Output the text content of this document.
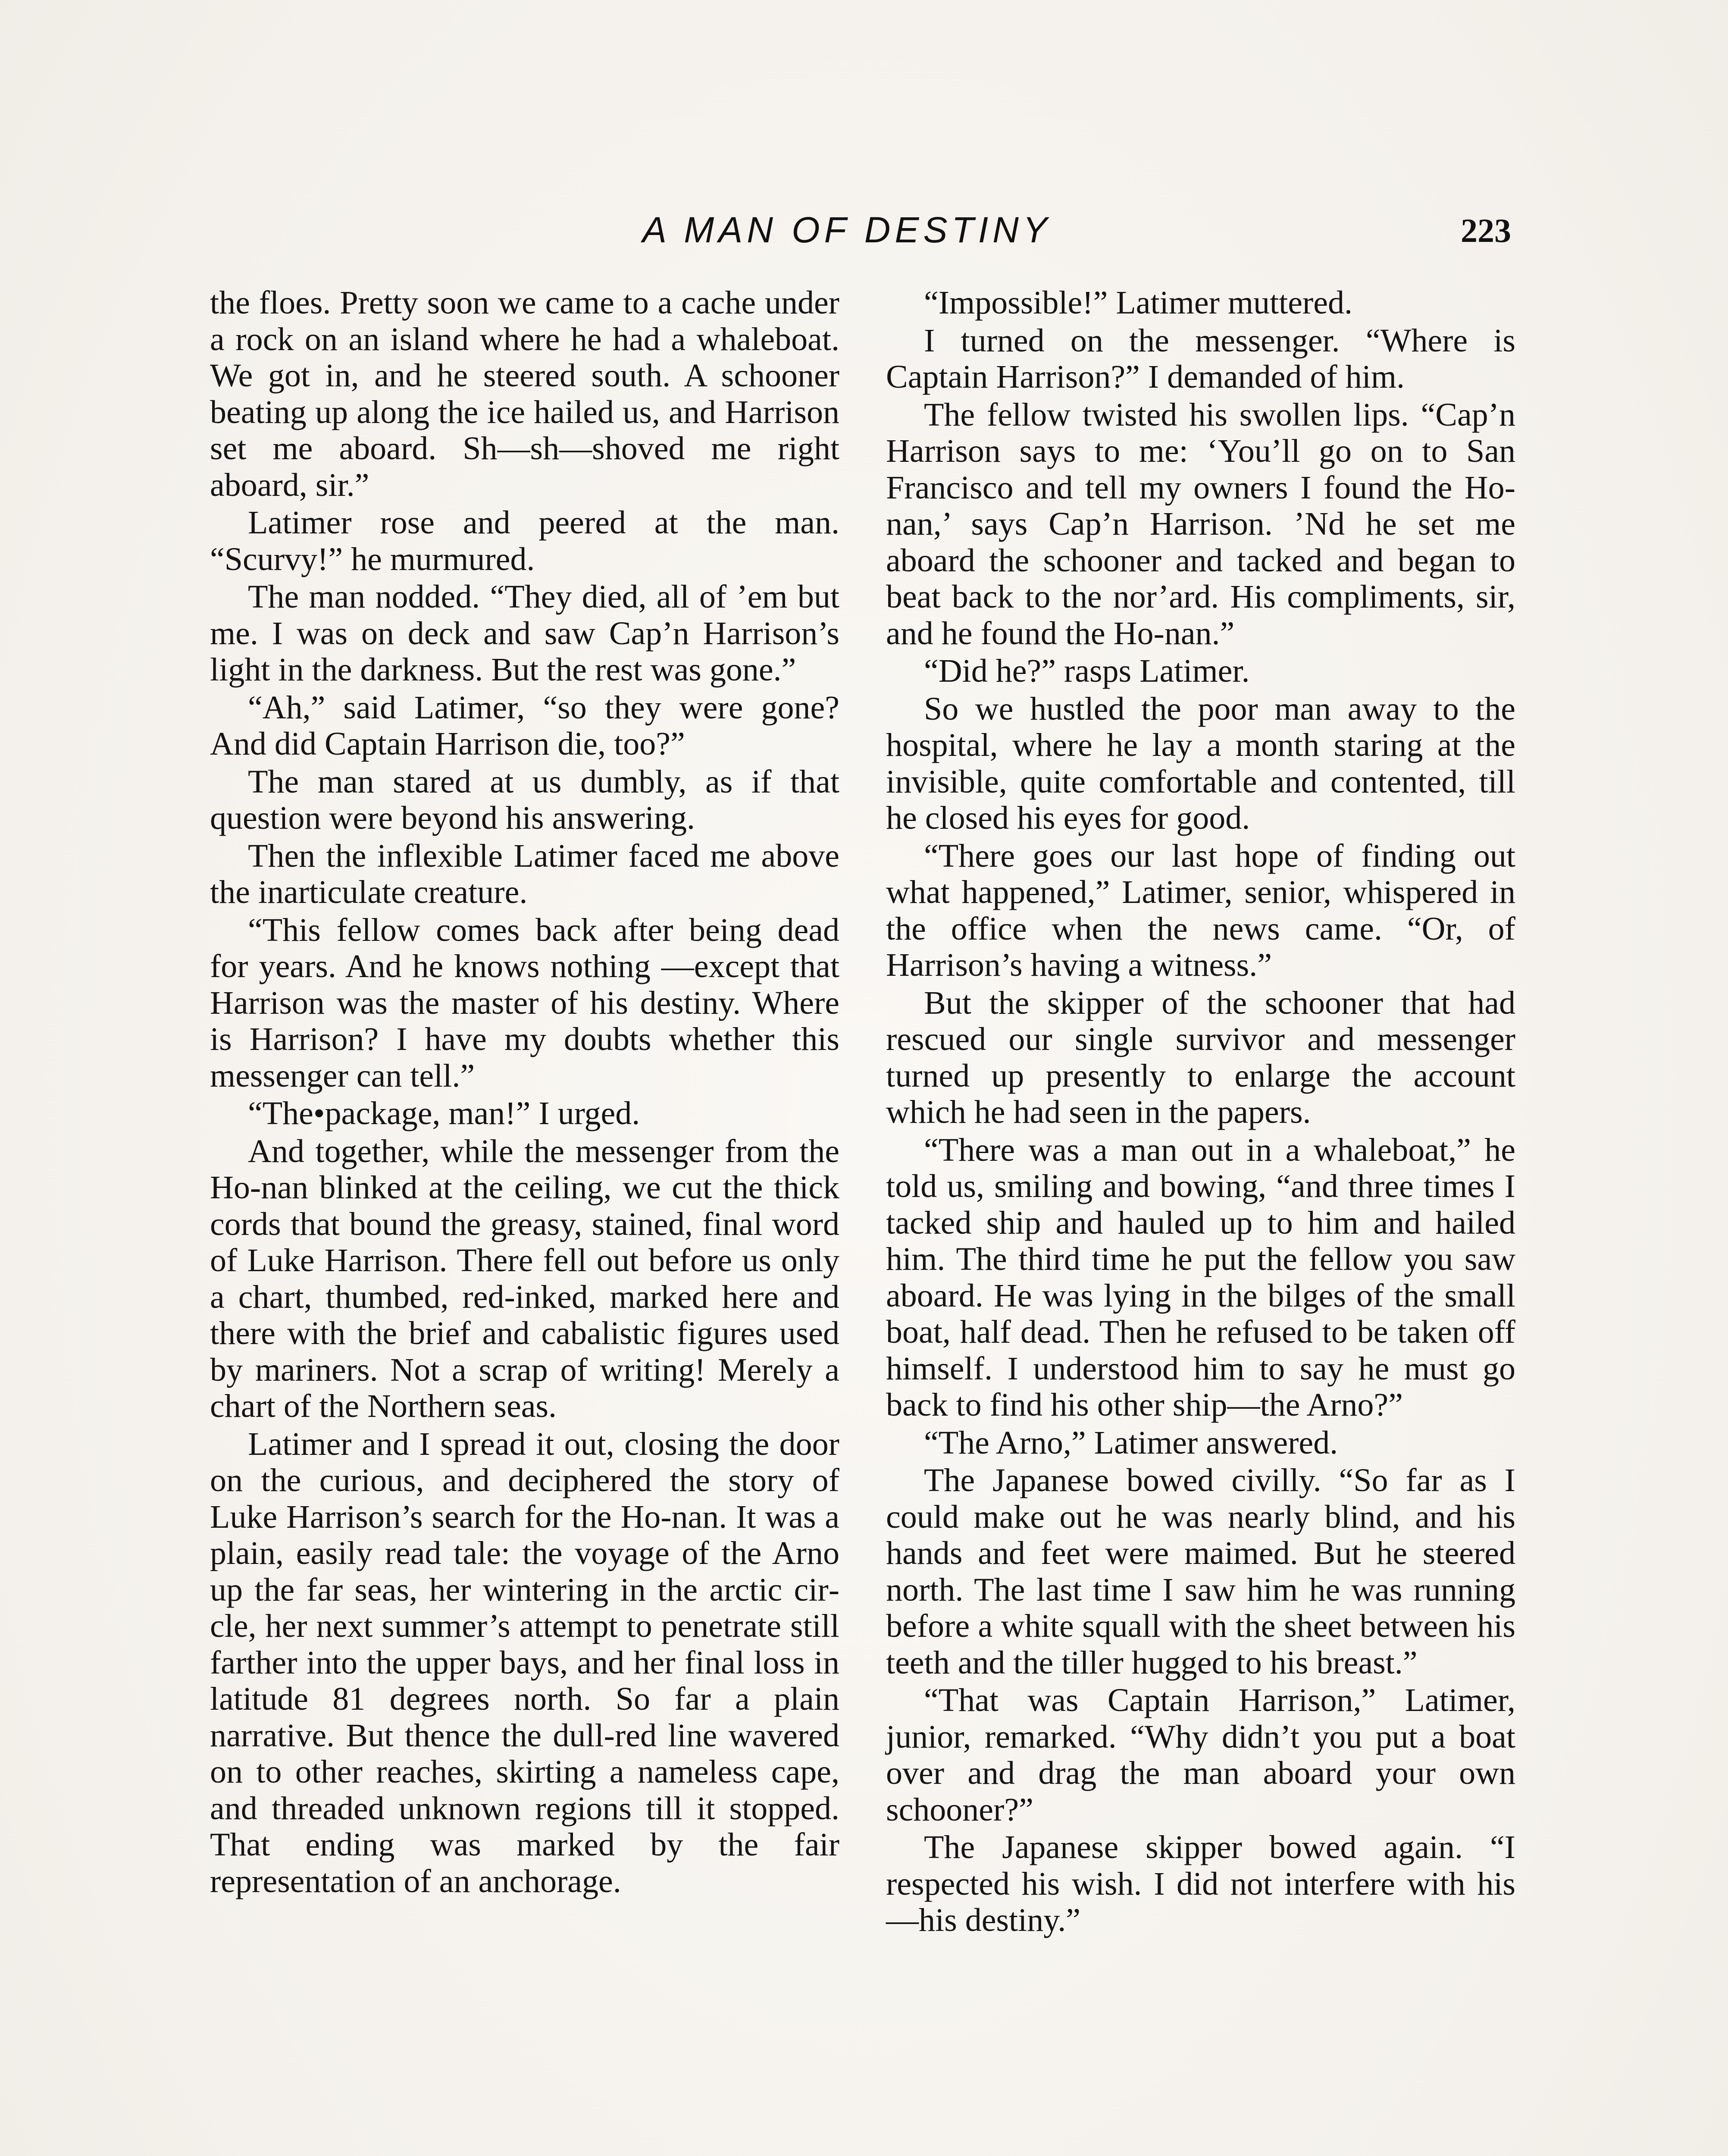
A MAN OF DESTINY	223

the floes. Pretty soon we came to a cache under a rock on an island where he had a whaleboat. We got in, and he steered south. A schooner beating up along the ice hailed us, and Harrison set me aboard. Sh—sh—shoved me right aboard, sir.”

Latimer rose and peered at the man. “Scurvy!” he murmured.

The man nodded. “They died, all of ’em but me. I was on deck and saw Cap’n Harrison’s light in the darkness. But the rest was gone.”

“Ah,” said Latimer, “so they were gone? And did Captain Harrison die, too?”

The man stared at us dumbly, as if that question were beyond his answering.

Then the inflexible Latimer faced me above the inarticulate creature.

“This fellow comes back after being dead for years. And he knows nothing —except that Harrison was the master of his destiny. Where is Harrison? I have my doubts whether this messenger can tell.”

“The•package, man!” I urged.

And together, while the messenger from the Ho-nan blinked at the ceiling, we cut the thick cords that bound the greasy, stained, final word of Luke Harrison. There fell out before us only a chart, thumbed, red-inked, marked here and there with the brief and cabalistic figures used by mariners. Not a scrap of writing! Merely a chart of the Northern seas.

Latimer and I spread it out, closing the door on the curious, and deciphered the story of Luke Harrison’s search for the Ho-nan. It was a plain, easily read tale: the voyage of the Arno up the far seas, her wintering in the arctic circle, her next summer’s attempt to penetrate still farther into the upper bays, and her final loss in latitude 81 degrees north. So far a plain narrative. But thence the dull-red line wavered on to other reaches, skirting a nameless cape, and threaded unknown regions till it stopped. That ending was marked by the fair representation of an anchorage.

“Impossible!” Latimer muttered.

I turned on the messenger. “Where is Captain Harrison?” I demanded of him.

The fellow twisted his swollen lips. “Cap’n Harrison says to me: ‘You’ll go on to San Francisco and tell my owners I found the Ho-nan,’ says Cap’n Harrison. ’Nd he set me aboard the schooner and tacked and began to beat back to the nor’ard. His compliments, sir, and he found the Ho-nan.”

“Did he?” rasps Latimer.

So we hustled the poor man away to the hospital, where he lay a month staring at the invisible, quite comfortable and contented, till he closed his eyes for good.

“There goes our last hope of finding out what happened,” Latimer, senior, whispered in the office when the news came. “Or, of Harrison’s having a witness.”

But the skipper of the schooner that had rescued our single survivor and messenger turned up presently to enlarge the account which he had seen in the papers.

“There was a man out in a whaleboat,” he told us, smiling and bowing, “and three times I tacked ship and hauled up to him and hailed him. The third time he put the fellow you saw aboard. He was lying in the bilges of the small boat, half dead. Then he refused to be taken off himself. I understood him to say he must go back to find his other ship—the Arno?”

“The Arno,” Latimer answered.

The Japanese bowed civilly. “So far as I could make out he was nearly blind, and his hands and feet were maimed. But he steered north. The last time I saw him he was running before a white squall with the sheet between his teeth and the tiller hugged to his breast.”

“That was Captain Harrison,” Latimer, junior, remarked. “Why didn’t you put a boat over and drag the man aboard your own schooner?”

The Japanese skipper bowed again. “I respected his wish. I did not interfere with his—his destiny.”
